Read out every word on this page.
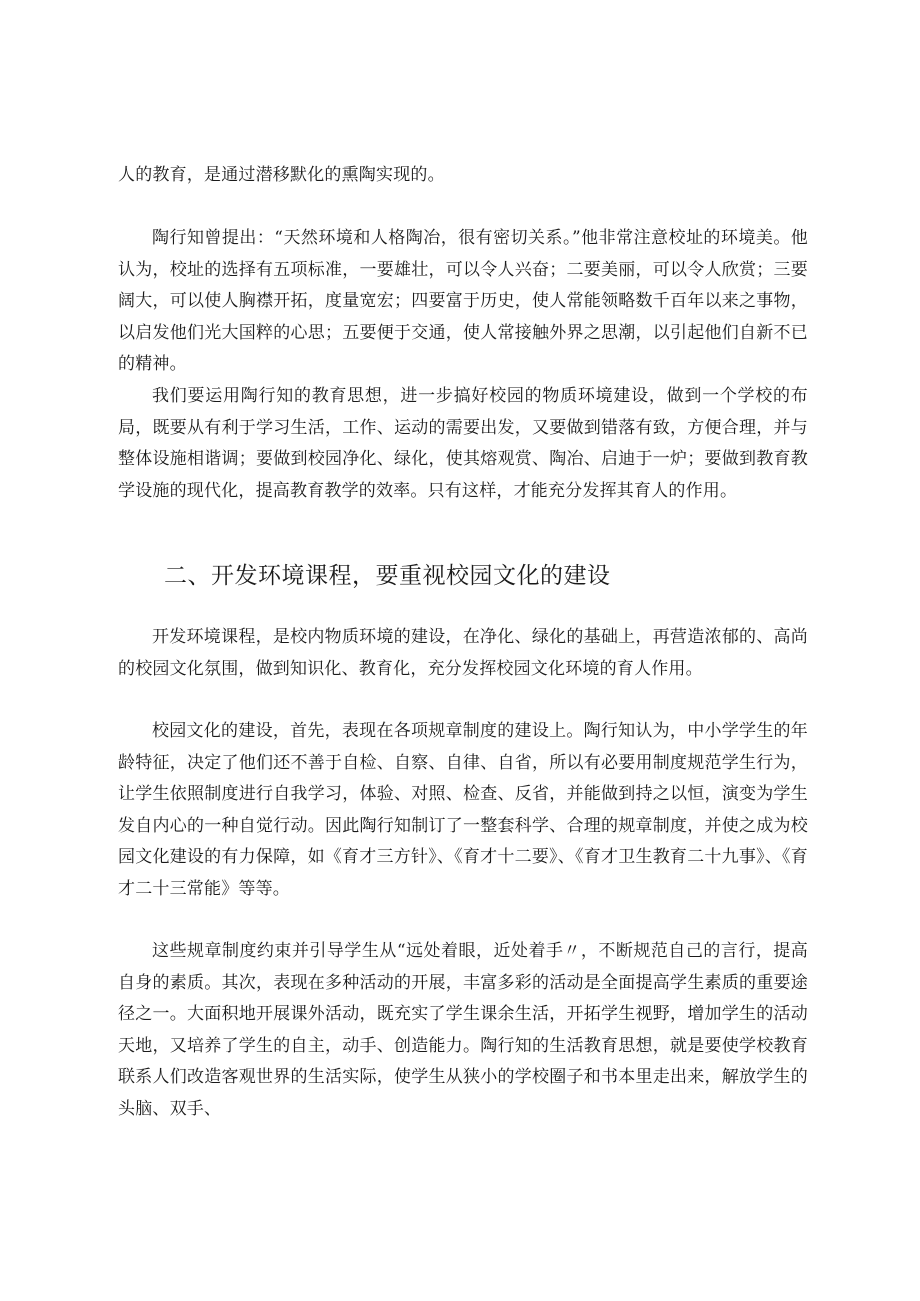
人的教育，是通过潜移默化的熏陶实现的。

陶行知曾提出：“天然环境和人格陶冶，很有密切关系。”他非常注意校址的环境美。他认为，校址的选择有五项标准，一要雄壮，可以令人兴奋；二要美丽，可以令人欣赏；三要阔大，可以使人胸襟开拓，度量宽宏；四要富于历史，使人常能领略数千百年以来之事物，以启发他们光大国粹的心思；五要便于交通，使人常接触外界之思潮，以引起他们自新不已的精神。

我们要运用陶行知的教育思想，进一步搞好校园的物质环境建设，做到一个学校的布局，既要从有利于学习生活，工作、运动的需要出发，又要做到错落有致，方便合理，并与整体设施相谐调；要做到校园净化、绿化，使其熔观赏、陶冶、启迪于一炉；要做到教育教学设施的现代化，提高教育教学的效率。只有这样，才能充分发挥其育人的作用。

二、开发环境课程，要重视校园文化的建设

开发环境课程，是校内物质环境的建设，在净化、绿化的基础上，再营造浓郁的、高尚的校园文化氛围，做到知识化、教育化，充分发挥校园文化环境的育人作用。

校园文化的建设，首先，表现在各项规章制度的建设上。陶行知认为，中小学学生的年龄特征，决定了他们还不善于自检、自察、自律、自省，所以有必要用制度规范学生行为，让学生依照制度进行自我学习，体验、对照、检查、反省，并能做到持之以恒，演变为学生发自内心的一种自觉行动。因此陶行知制订了一整套科学、合理的规章制度，并使之成为校园文化建设的有力保障，如《育才三方针》、《育才十二要》、《育才卫生教育二十九事》、《育才二十三常能》等等。

这些规章制度约束并引导学生从“远处着眼，近处着手〃，不断规范自己的言行，提高自身的素质。其次，表现在多种活动的开展，丰富多彩的活动是全面提高学生素质的重要途径之一。大面积地开展课外活动，既充实了学生课余生活，开拓学生视野，增加学生的活动天地，又培养了学生的自主，动手、创造能力。陶行知的生活教育思想，就是要使学校教育联系人们改造客观世界的生活实际，使学生从狭小的学校圈子和书本里走出来，解放学生的头脑、双手、
